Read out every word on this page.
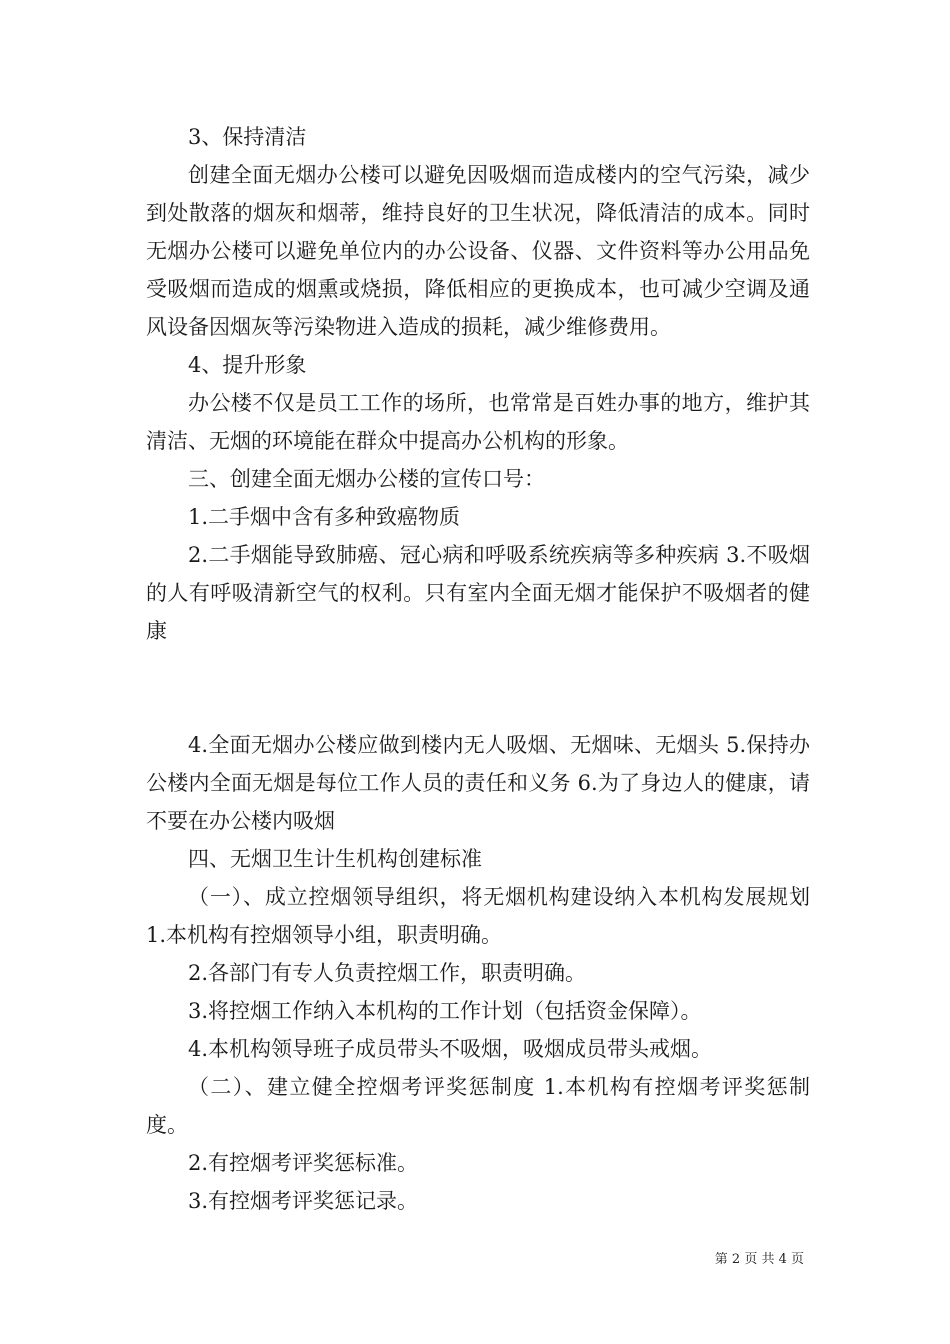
3、保持清洁

创建全面无烟办公楼可以避免因吸烟而造成楼内的空气污染，减少到处散落的烟灰和烟蒂，维持良好的卫生状况，降低清洁的成本。同时无烟办公楼可以避免单位内的办公设备、仪器、文件资料等办公用品免受吸烟而造成的烟熏或烧损，降低相应的更换成本，也可减少空调及通风设备因烟灰等污染物进入造成的损耗，减少维修费用。

4、提升形象

办公楼不仅是员工工作的场所，也常常是百姓办事的地方，维护其清洁、无烟的环境能在群众中提高办公机构的形象。

三、创建全面无烟办公楼的宣传口号：

1.二手烟中含有多种致癌物质

2.二手烟能导致肺癌、冠心病和呼吸系统疾病等多种疾病 3.不吸烟的人有呼吸清新空气的权利。只有室内全面无烟才能保护不吸烟者的健康

4.全面无烟办公楼应做到楼内无人吸烟、无烟味、无烟头 5.保持办公楼内全面无烟是每位工作人员的责任和义务 6.为了身边人的健康，请不要在办公楼内吸烟

四、无烟卫生计生机构创建标准

（一）、成立控烟领导组织，将无烟机构建设纳入本机构发展规划 1.本机构有控烟领导小组，职责明确。

2.各部门有专人负责控烟工作，职责明确。

3.将控烟工作纳入本机构的工作计划（包括资金保障）。

4.本机构领导班子成员带头不吸烟，吸烟成员带头戒烟。

（二）、建立健全控烟考评奖惩制度 1.本机构有控烟考评奖惩制度。

2.有控烟考评奖惩标准。

3.有控烟考评奖惩记录。

第 2 页 共 4 页
